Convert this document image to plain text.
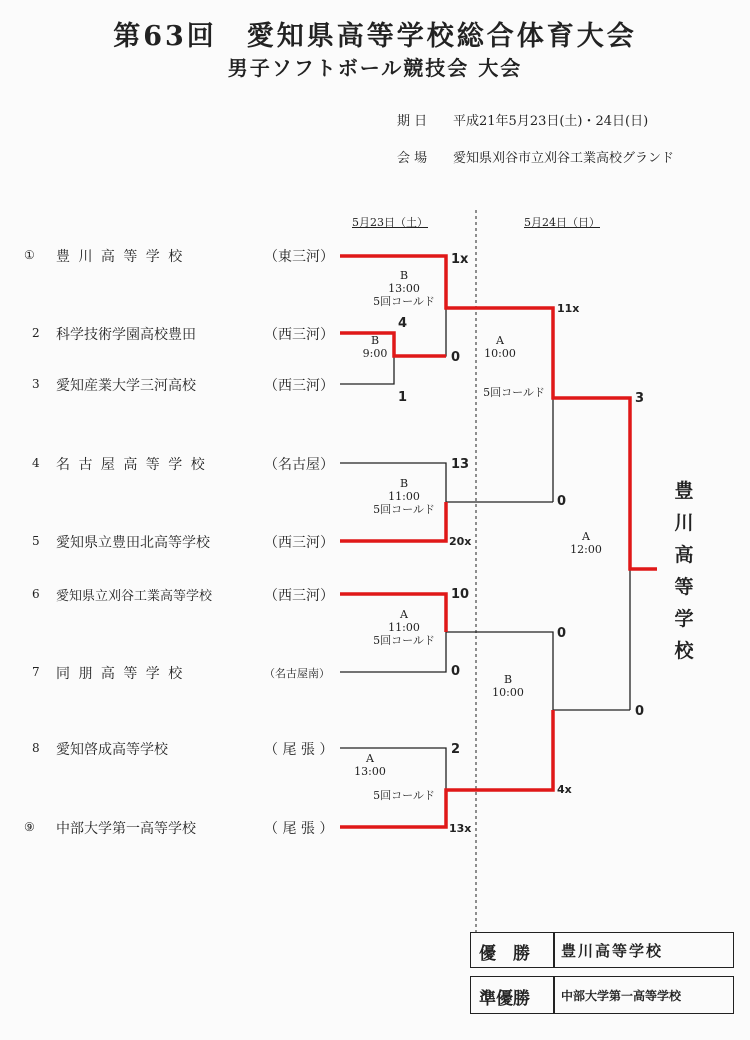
第63回　愛知県高等学校総合体育大会
男子ソフトボール競技会 大会
期 日 平成21年5月23日(土)・24日(日)
会 場 愛知県刈谷市立刈谷工業高校グランド
5月23日（土）	5月24日（日）
① 豊 川 高 等 学 校	（東三河）
2 科学技術学園高校豊田	（西三河）
3 愛知産業大学三河高校	（西三河）
4 名 古 屋 高 等 学 校	（名古屋）
5 愛知県立豊田北高等学校	（西三河）
6 愛知県立刈谷工業高等学校	（西三河）
7 同 朋 高 等 学 校	（名古屋南）
8 愛知啓成高等学校	（ 尾 張 ）
⑨ 中部大学第一高等学校	（ 尾 張 ）
4
1
1x
0
13
20x
10
0
2
13x
11x
0
0
4x
3
0
B
9:00
B
13:00
5回コールド
B
11:00
5回コールド
A
11:00
5回コールド
A
13:00
5回コールド
A
10:00
5回コールド
B
10:00
A
12:00
豊
川
高
等
学
校
優　勝 豊川高等学校
準優勝	中部大学第一高等学校
